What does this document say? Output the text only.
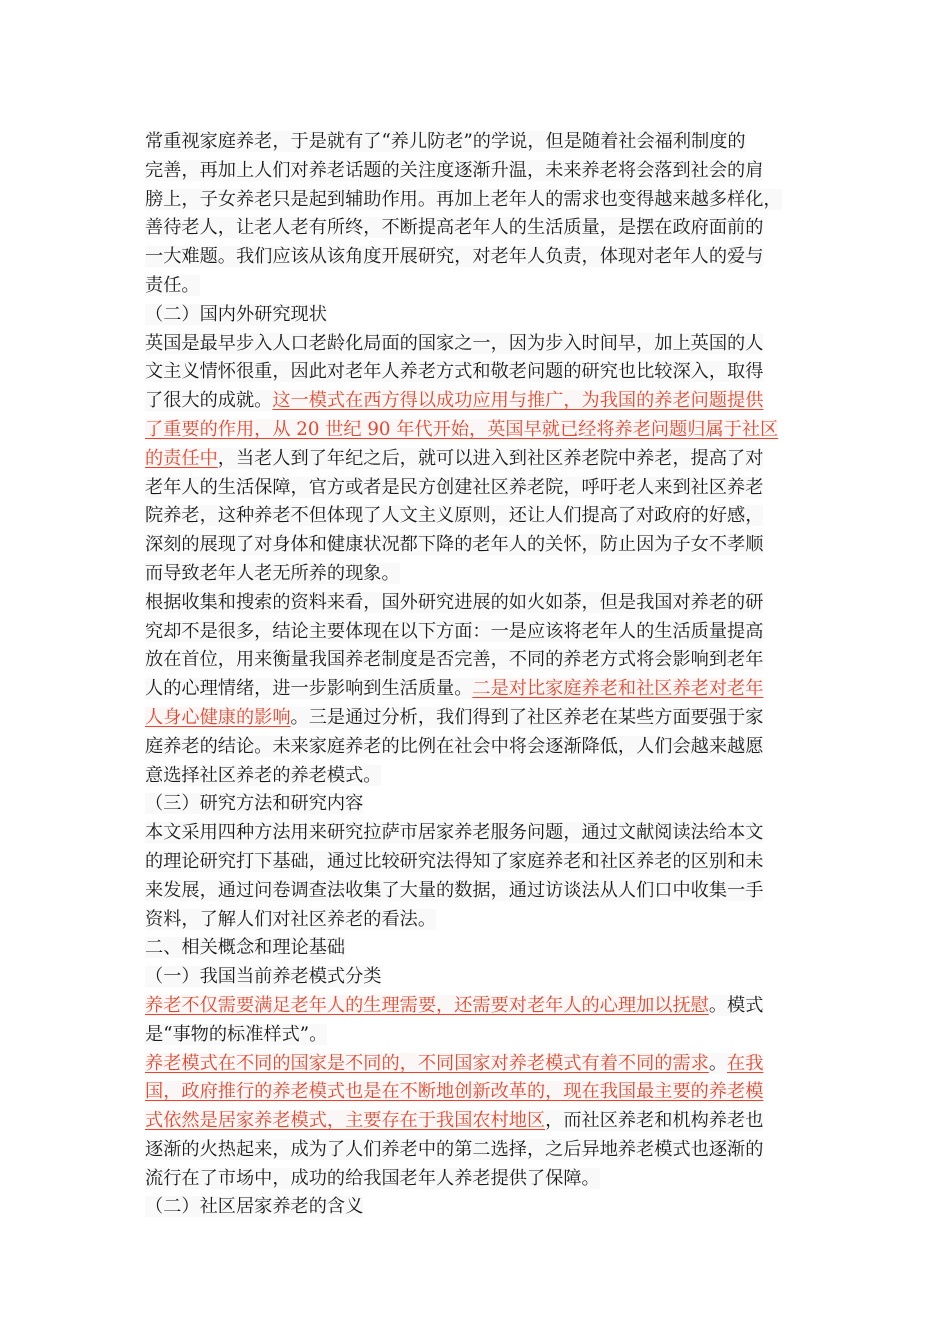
常重视家庭养老，于是就有了“养儿防老”的学说，但是随着社会福利制度的
完善，再加上人们对养老话题的关注度逐渐升温，未来养老将会落到社会的肩
膀上，子女养老只是起到辅助作用。再加上老年人的需求也变得越来越多样化，
善待老人，让老人老有所终，不断提高老年人的生活质量，是摆在政府面前的
一大难题。我们应该从该角度开展研究，对老年人负责，体现对老年人的爱与
责任。
（二）国内外研究现状
英国是最早步入人口老龄化局面的国家之一，因为步入时间早，加上英国的人
文主义情怀很重，因此对老年人养老方式和敬老问题的研究也比较深入，取得
了很大的成就。这一模式在西方得以成功应用与推广，为我国的养老问题提供
了重要的作用，从 20 世纪 90 年代开始，英国早就已经将养老问题归属于社区
的责任中，当老人到了年纪之后，就可以进入到社区养老院中养老，提高了对
老年人的生活保障，官方或者是民方创建社区养老院，呼吁老人来到社区养老
院养老，这种养老不但体现了人文主义原则，还让人们提高了对政府的好感，
深刻的展现了对身体和健康状况都下降的老年人的关怀，防止因为子女不孝顺
而导致老年人老无所养的现象。
根据收集和搜索的资料来看，国外研究进展的如火如荼，但是我国对养老的研
究却不是很多，结论主要体现在以下方面：一是应该将老年人的生活质量提高
放在首位，用来衡量我国养老制度是否完善，不同的养老方式将会影响到老年
人的心理情绪，进一步影响到生活质量。二是对比家庭养老和社区养老对老年
人身心健康的影响。三是通过分析，我们得到了社区养老在某些方面要强于家
庭养老的结论。未来家庭养老的比例在社会中将会逐渐降低，人们会越来越愿
意选择社区养老的养老模式。
（三）研究方法和研究内容
本文采用四种方法用来研究拉萨市居家养老服务问题，通过文献阅读法给本文
的理论研究打下基础，通过比较研究法得知了家庭养老和社区养老的区别和未
来发展，通过问卷调查法收集了大量的数据，通过访谈法从人们口中收集一手
资料，了解人们对社区养老的看法。
二、相关概念和理论基础
（一）我国当前养老模式分类
养老不仅需要满足老年人的生理需要，还需要对老年人的心理加以抚慰。模式
是“事物的标准样式”。
养老模式在不同的国家是不同的，不同国家对养老模式有着不同的需求。在我
国，政府推行的养老模式也是在不断地创新改革的，现在我国最主要的养老模
式依然是居家养老模式，主要存在于我国农村地区，而社区养老和机构养老也
逐渐的火热起来，成为了人们养老中的第二选择，之后异地养老模式也逐渐的
流行在了市场中，成功的给我国老年人养老提供了保障。
（二）社区居家养老的含义
